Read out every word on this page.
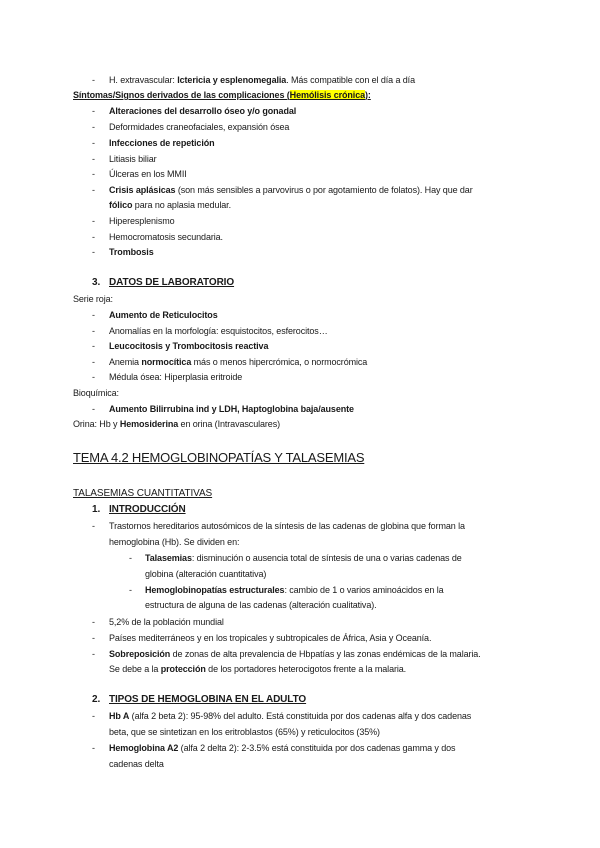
- H. extravascular: Ictericia y esplenomegalia. Más compatible con el día a día
Síntomas/Signos derivados de las complicaciones (Hemólisis crónica):
- Alteraciones del desarrollo óseo y/o gonadal
- Deformidades craneofaciales, expansión ósea
- Infecciones de repetición
- Litiasis biliar
- Úlceras en los MMII
- Crisis aplásicas (son más sensibles a parvovirus o por agotamiento de folatos). Hay que dar
fólico para no aplasia medular.
- Hiperesplenismo
- Hemocromatosis secundaria.
- Trombosis
3. DATOS DE LABORATORIO
Serie roja:
- Aumento de Reticulocitos
- Anomalías en la morfología: esquistocitos, esferocitos…
- Leucocitosis y Trombocitosis reactiva
- Anemia normocítica más o menos hipercrómica, o normocrómica
- Médula ósea: Hiperplasia eritroide
Bioquímica:
- Aumento Bilirrubina ind y LDH, Haptoglobina baja/ausente
Orina: Hb y Hemosiderina en orina (Intravasculares)
TEMA 4.2 HEMOGLOBINOPATÍAS Y TALASEMIAS
TALASEMIAS CUANTITATIVAS
1. INTRODUCCIÓN
- Trastornos hereditarios autosómicos de la síntesis de las cadenas de globina que forman la
hemoglobina (Hb). Se dividen en:
- Talasemias: disminución o ausencia total de síntesis de una o varias cadenas de
globina (alteración cuantitativa)
- Hemoglobinopatías estructurales: cambio de 1 o varios aminoácidos en la
estructura de alguna de las cadenas (alteración cualitativa).
- 5,2% de la población mundial
- Países mediterráneos y en los tropicales y subtropicales de África, Asia y Oceanía.
- Sobreposición de zonas de alta prevalencia de Hbpatías y las zonas endémicas de la malaria.
Se debe a la protección de los portadores heterocigotos frente a la malaria.
2. TIPOS DE HEMOGLOBINA EN EL ADULTO
- Hb A (alfa 2 beta 2): 95-98% del adulto. Está constituida por dos cadenas alfa y dos cadenas
beta, que se sintetizan en los eritroblastos (65%) y reticulocitos (35%)
- Hemoglobina A2 (alfa 2 delta 2): 2-3.5% está constituida por dos cadenas gamma y dos
cadenas delta
